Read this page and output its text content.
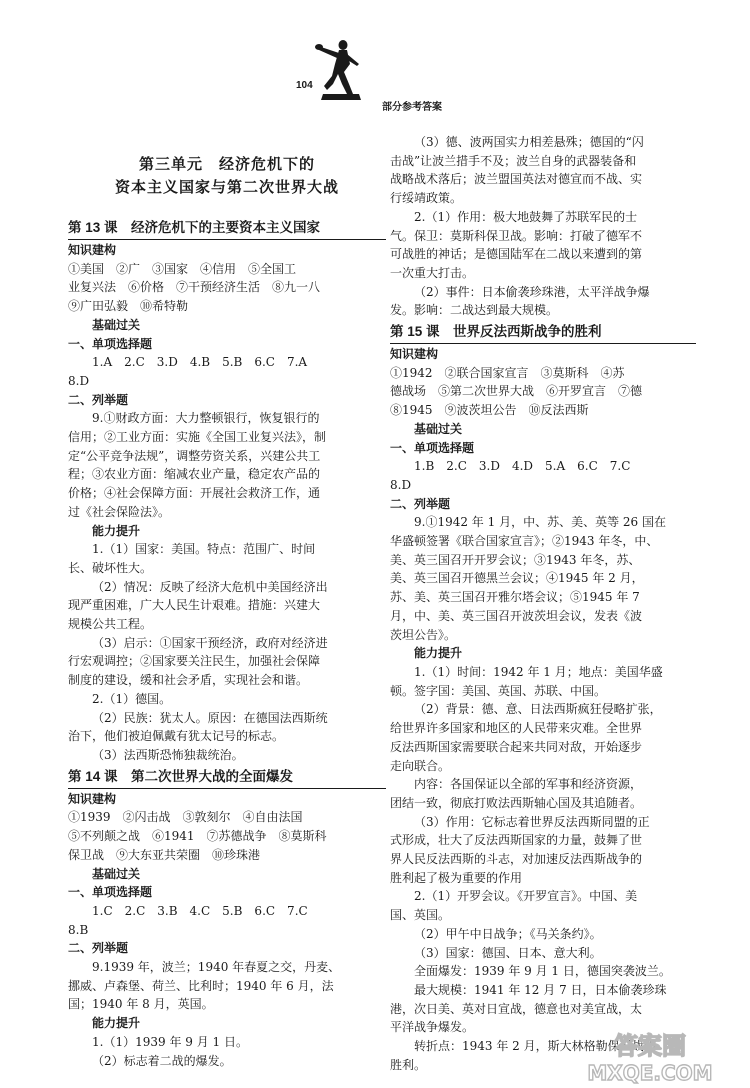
104
部分参考答案
第三单元　经济危机下的
资本主义国家与第二次世界大战

第 13 课　经济危机下的主要资本主义国家

知识建构

①美国　②广　③国家　④信用　⑤全国工

业复兴法　⑥价格　⑦干预经济生活　⑧九一八

⑨广田弘毅　⑩希特勒

基础过关

一、单项选择题

1.A　2.C　3.D　4.B　5.B　6.C　7.A

8.D

二、列举题

9.①财政方面：大力整顿银行，恢复银行的

信用；②工业方面：实施《全国工业复兴法》，制

定“公平竞争法规”，调整劳资关系，兴建公共工

程；③农业方面：缩减农业产量，稳定农产品的

价格；④社会保障方面：开展社会救济工作，通

过《社会保险法》。

能力提升

1.（1）国家：美国。特点：范围广、时间

长、破坏性大。

（2）情况：反映了经济大危机中美国经济出

现严重困难，广大人民生计艰难。措施：兴建大

规模公共工程。

（3）启示：①国家干预经济，政府对经济进

行宏观调控；②国家要关注民生，加强社会保障

制度的建设，缓和社会矛盾，实现社会和谐。

2.（1）德国。

（2）民族：犹太人。原因：在德国法西斯统

治下，他们被迫佩戴有犹太记号的标志。

（3）法西斯恐怖独裁统治。

第 14 课　第二次世界大战的全面爆发

知识建构

①1939　②闪击战　③敦刻尔　④自由法国

⑤不列颠之战　⑥1941　⑦苏德战争　⑧莫斯科

保卫战　⑨大东亚共荣圈　⑩珍珠港

基础过关

一、单项选择题

1.C　2.C　3.B　4.C　5.B　6.C　7.C

8.B

二、列举题

9.1939 年，波兰；1940 年春夏之交，丹麦、

挪威、卢森堡、荷兰、比利时；1940 年 6 月，法

国；1940 年 8 月，英国。

能力提升

1.（1）1939 年 9 月 1 日。

（2）标志着二战的爆发。

（3）德、波两国实力相差悬殊；德国的“闪

击战”让波兰措手不及；波兰自身的武器装备和

战略战术落后；波兰盟国英法对德宣而不战、实

行绥靖政策。

2.（1）作用：极大地鼓舞了苏联军民的士

气。保卫：莫斯科保卫战。影响：打破了德军不

可战胜的神话；是德国陆军在二战以来遭到的第

一次重大打击。

（2）事件：日本偷袭珍珠港，太平洋战争爆

发。影响：二战达到最大规模。

第 15 课　世界反法西斯战争的胜利

知识建构

①1942　②联合国家宣言　③莫斯科　④苏

德战场　⑤第二次世界大战　⑥开罗宣言　⑦德

⑧1945　⑨波茨坦公告　⑩反法西斯

基础过关

一、单项选择题

1.B　2.C　3.D　4.D　5.A　6.C　7.C

8.D

二、列举题

9.①1942 年 1 月，中、苏、美、英等 26 国在

华盛顿签署《联合国家宣言》；②1943 年冬，中、

美、英三国召开开罗会议；③1943 年冬，苏、

美、英三国召开德黑兰会议；④1945 年 2 月，

苏、美、英三国召开雅尔塔会议；⑤1945 年 7

月，中、美、英三国召开波茨坦会议，发表《波

茨坦公告》。

能力提升

1.（1）时间：1942 年 1 月；地点：美国华盛

顿。签字国：美国、英国、苏联、中国。

（2）背景：德、意、日法西斯疯狂侵略扩张，

给世界许多国家和地区的人民带来灾难。全世界

反法西斯国家需要联合起来共同对敌，开始逐步

走向联合。

内容：各国保证以全部的军事和经济资源，

团结一致，彻底打败法西斯轴心国及其追随者。

（3）作用：它标志着世界反法西斯同盟的正

式形成，壮大了反法西斯国家的力量，鼓舞了世

界人民反法西斯的斗志，对加速反法西斯战争的

胜利起了极为重要的作用

2.（1）开罗会议。《开罗宣言》。中国、美

国、英国。

（2）甲午中日战争；《马关条约》。

（3）国家：德国、日本、意大利。

全面爆发：1939 年 9 月 1 日，德国突袭波兰。

最大规模：1941 年 12 月 7 日，日本偷袭珍珠

港，次日美、英对日宣战，德意也对美宣战，太

平洋战争爆发。

转折点：1943 年 2 月，斯大林格勒保卫战的

胜利。

答案圈
MXQE.COM
